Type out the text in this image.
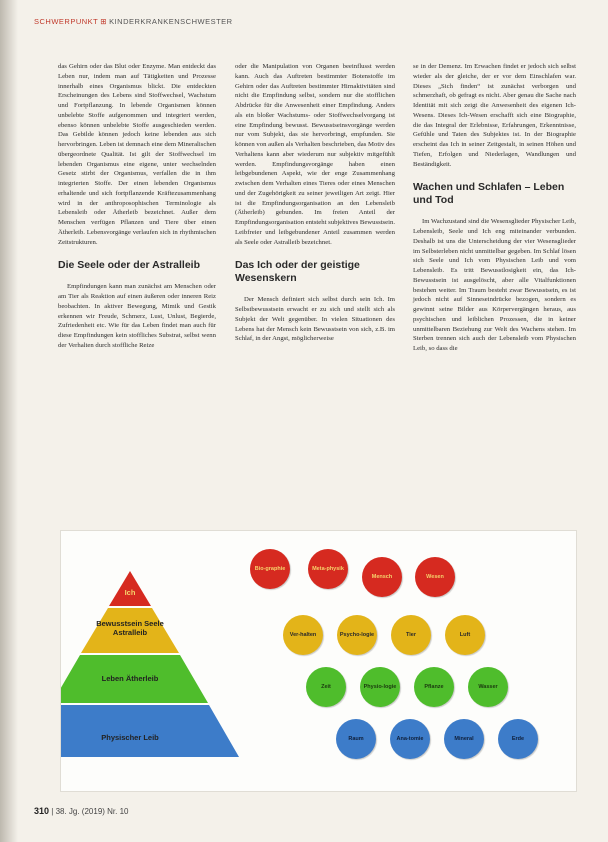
SCHWERPUNKT ⊞ KINDERKRANKENSCHWESTER

das Gehirn oder das Blut oder Enzyme. Man entdeckt das Leben nur, indem man auf Tätigkeiten und Prozesse innerhalb eines Organismus blickt. Die entdeckten Erscheinungen des Lebens sind Stoffwechsel, Wachstum und Fortpflanzung. In lebende Organismen können unbelebte Stoffe aufgenommen und integriert werden, ebenso können unbelebte Stoffe ausgeschieden werden. Das Gebilde können jedoch keine lebenden aus sich hervorbringen. Leben ist demnach eine dem Mineralischen übergeordnete Qualität. Ist gilt der Stoffwechsel im lebenden Organismus eine eigene, unter wechselnden Gesetz stirbt der Organismus, verfallen die in ihm integrierten Stoffe. Der einen lebenden Organismus erhaltende und sich fortpflanzende Kräftezusammenhang wird in der anthroposophischen Terminologie als Lebensleib oder Ätherleib bezeichnet. Außer dem Menschen verfügen Pflanzen und Tiere über einen Ätherleib. Lebensvorgänge verlaufen sich in rhythmischen Zeitstrukturen.

Die Seele oder der Astralleib

Empfindungen kann man zunächst am Menschen oder am Tier als Reaktion auf einen äußeren oder inneren Reiz beobachten. In aktiver Bewegung, Mimik und Gestik erkennen wir Freude, Schmerz, Lust, Unlust, Begierde, Zufriedenheit etc. Wie für das Leben findet man auch für diese Empfindungen kein stoffliches Substrat, selbst wenn der Verhalten durch stoffliche Reize

oder die Manipulation von Organen beeinflusst werden kann. Auch das Auftreten bestimmter Botenstoffe im Gehirn oder das Auftreten bestimmter Hirnaktivitäten sind nicht die Empfindung selbst, sondern nur die stofflichen Abdrücke für die Anwesenheit einer Empfindung. Anders als ein bloßer Wachstums- oder Stoffwechselvorgang ist eine Empfindung bewusst. Bewusstseinsvorgänge werden nur vom Subjekt, das sie hervorbringt, empfunden. Sie können von außen als Verhalten beschrieben, das Motiv des Verhaltens kann aber wiederum nur subjektiv mitgefühlt werden. Empfindungsvorgänge haben einen leibgebundenen Aspekt, wie der enge Zusammenhang zwischen dem Verhalten eines Tieres oder eines Menschen und der Zugehörigkeit zu seiner jeweiligen Art zeigt. Hier ist die Empfindungsorganisation an den Lebensleib (Ätherleib) gebunden. Im freien Anteil der Empfindungsorganisation entsteht subjektives Bewusstsein. Leibfreier und leibgebundener Anteil zusammen werden als Seele oder Astralleib bezeichnet.

Das Ich oder der geistige Wesenskern

Der Mensch definiert sich selbst durch sein Ich. Im Selbstbewusstsein erwacht er zu sich und stellt sich als Subjekt der Welt gegenüber. In vielen Situationen des Lebens hat der Mensch kein Bewusstsein von sich, z.B. im Schlaf, in der Angst, möglicherweise

se in der Demenz. Im Erwachen findet er jedoch sich selbst wieder als der gleiche, der er vor dem Einschlafen war. Dieses „Sich finden“ ist zunächst verborgen und schmerzhaft, ob gefragt es nicht. Aber genau die Sache nach Identität mit sich zeigt die Anwesenheit des eigenen Ich-Wesens. Dieses Ich-Wesen erschafft sich eine Biographie, die das Integral der Erlebnisse, Erfahrungen, Erkenntnisse, Gefühle und Taten des Subjektes ist. In der Biographie erscheint das Ich in seiner Zeitgestalt, in seinen Höhen und Tiefen, Erfolgen und Niederlagen, Wandlungen und Beständigkeit.

Wachen und Schlafen – Leben und Tod

Im Wachzustand sind die Wesensglieder Physischer Leib, Lebensleib, Seele und Ich eng miteinander verbunden. Deshalb ist uns die Unterscheidung der vier Wesensglieder im Selbsterleben nicht unmittelbar gegeben. Im Schlaf lösen sich Seele und Ich vom Physischen Leib und vom Lebensleib. Es tritt Bewusstlosigkeit ein, das Ich-Bewusstsein ist ausgelöscht, aber alle Vitalfunktionen bestehen weiter. Im Traum besteht zwar Bewusstsein, es ist jedoch nicht auf Sinneseindrücke bezogen, sondern es gewinnt seine Bilder aus Körpervergängen heraus, aus psychischen und leiblichen Prozessen, die in keiner unmittelbaren Beziehung zur Welt des Wachens stehen. Im Sterben trennen sich auch der Lebensleib vom Physischen Leib, so dass die

Ich
Bewusstsein Seele Astralleib
Leben Ätherleib
Physischer Leib
Bio-graphie	Meta-physik
Mensch	Wesen
Ver-halten	Psycho-logie	Tier	Luft
Zeit	Physio-logie	Pflanze	Wasser
Raum	Ana-tomie	Mineral	Erde
310 | 38. Jg. (2019) Nr. 10
